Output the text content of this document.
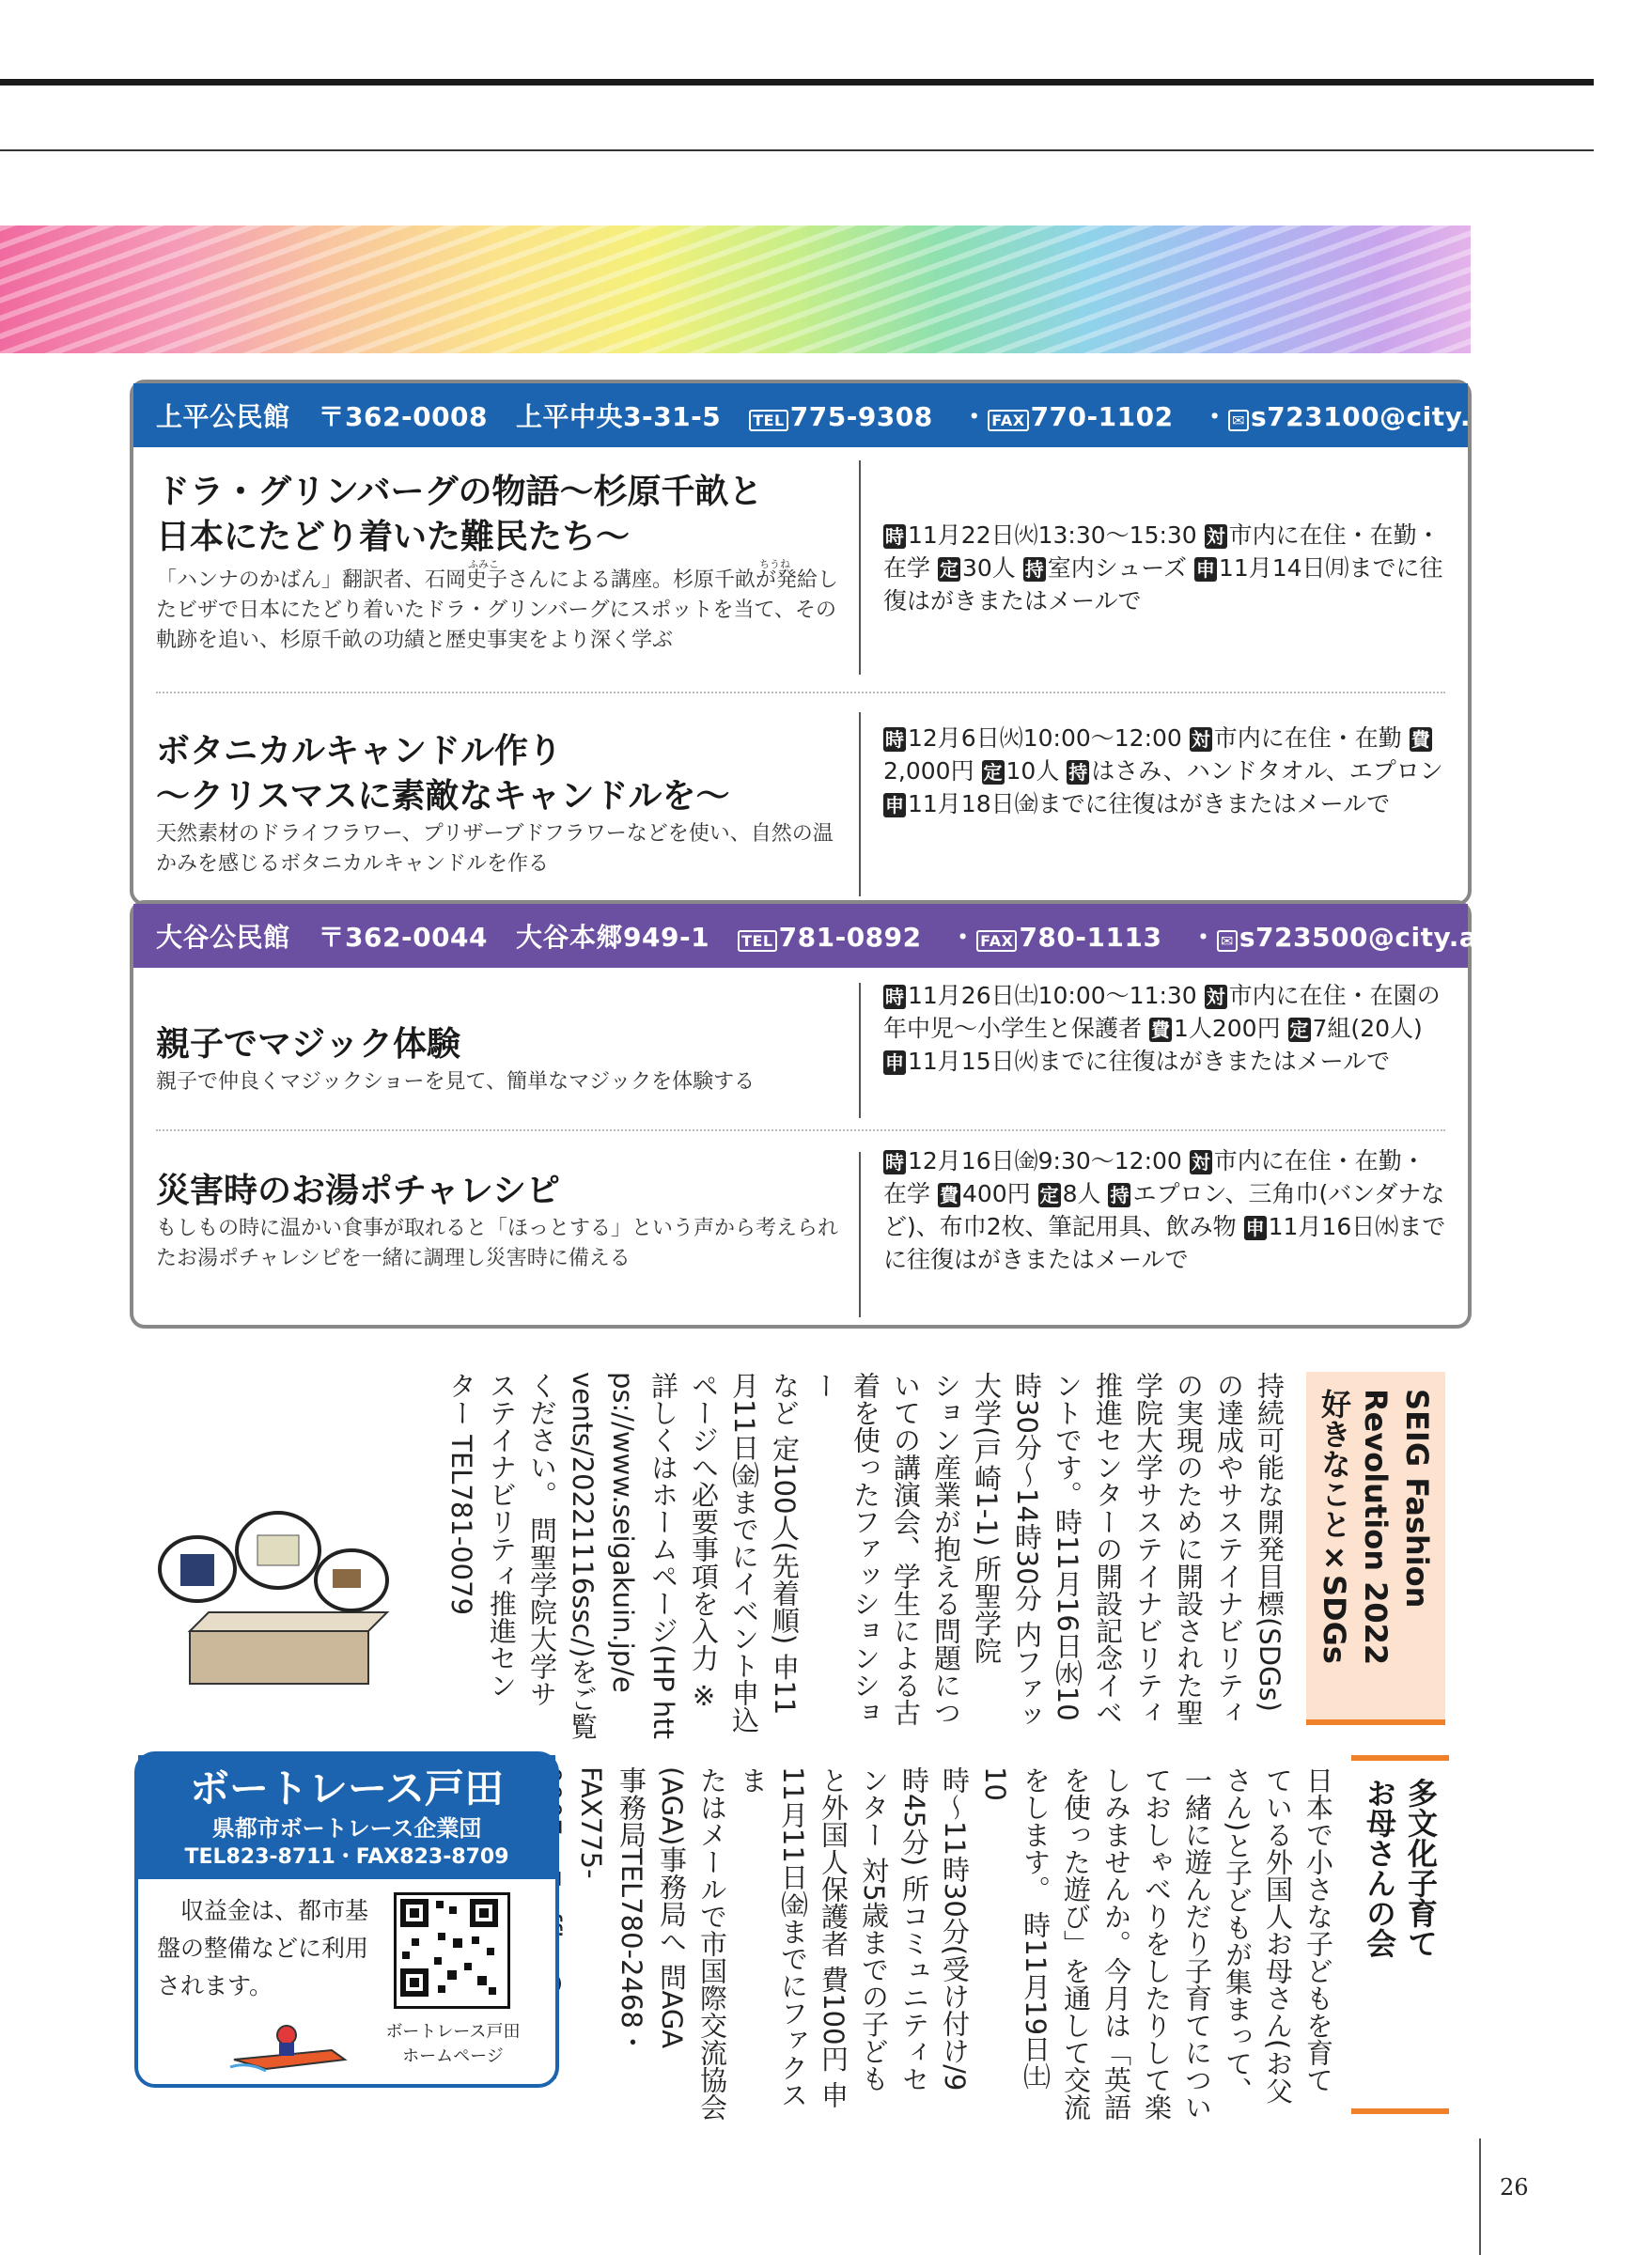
上平公民館 〒362-0008 上平中央3-31-5 TEL 775-9308 ・ FAX 770-1102 ・ ✉ s723100@city.ageo.lg.jp
ドラ・グリンバーグの物語～杉原千畝と
日本にたどり着いた難民たち～
ふみこ	ちうね
「ハンナのかばん」翻訳者、石岡史子さんによる講座。杉原千畝が発給したビザで日本にたどり着いたドラ・グリンバーグにスポットを当て、その軌跡を追い、杉原千畝の功績と歴史事実をより深く学ぶ
時 11月22日㈫13:30～15:30 対 市内に在住・在勤・在学 定 30人 持 室内シューズ 申 11月14日㈪までに往復はがきまたはメールで
ボタニカルキャンドル作り
～クリスマスに素敵なキャンドルを～
天然素材のドライフラワー、プリザーブドフラワーなどを使い、自然の温かみを感じるボタニカルキャンドルを作る
時 12月6日㈫10:00～12:00 対 市内に在住・在勤 費2,000円 定 10人 持 はさみ、ハンドタオル、エプロン 申 11月18日㈮までに往復はがきまたはメールで
大谷公民館 〒362-0044 大谷本郷949-1 TEL 781-0892 ・ FAX 780-1113 ・ ✉ s723500@city.ageo.lg.jp
親子でマジック体験
親子で仲良くマジックショーを見て、簡単なマジックを体験する
時 11月26日㈯10:00～11:30 対 市内に在住・在園の年中児～小学生と保護者 費 1人200円 定 7組(20人) 申 11月15日㈫までに往復はがきまたはメールで
災害時のお湯ポチャレシピ
もしもの時に温かい食事が取れると「ほっとする」という声から考えられたお湯ポチャレシピを一緒に調理し災害時に備える
時 12月16日㈮9:30～12:00 対 市内に在住・在勤・在学 費 400円 定 8人 持 エプロン、三角巾(バンダナなど)、布巾2枚、筆記用具、飲み物 申 11月16日㈬までに往復はがきまたはメールで
SEIG Fashion
Revolution 2022
好きなこと×SDGs
持続可能な開発目標(SDGs)
の達成やサステイナビリティ
の実現のために開設された聖
学院大学サステイナビリティ
推進センターの開設記念イベ
ントです。時11月16日㈬10
時30分～14時30分 内ファッ
大学(戸崎1-1) 所聖学院
ション産業が抱える問題につ
いての講演会、学生による古
着を使ったファッションショー
など 定100人(先着順) 申11
月11日㈮までにイベント申込
ページへ必要事項を入力 ※
詳しくはホームページ(HP htt
ps://www.seigakuin.jp/e
vents/20221116ssc/)をご覧
ください。 問聖学院大学サ
ステイナビリティ推進セン
ター TEL781-0079
多文化子育て
お母さんの会
日本で小さな子どもを育て
ている外国人お母さん(お父
さん)と子どもが集まって、
一緒に遊んだり子育てについ
ておしゃべりをしたりして楽
しみませんか。今月は「英語
を使った遊び」を通して交流
をします。 時11月19日㈯10
時～11時30分(受け付け/9
時45分) 所コミュニティセ
ンター 対5歳までの子ども
と外国人保護者 費100円 申
11月11日㈮までにファクスま
たはメールで市国際交流協会
(AGA)事務局へ 問AGA
事務局TEL780-2468・FAX775-

ボートレース戸田
県都市ボートレース企業団
TEL823-8711・FAX823-8709
収益金は、都市基盤の整備などに利用されます。
ボートレース戸田
ホームページ
26
